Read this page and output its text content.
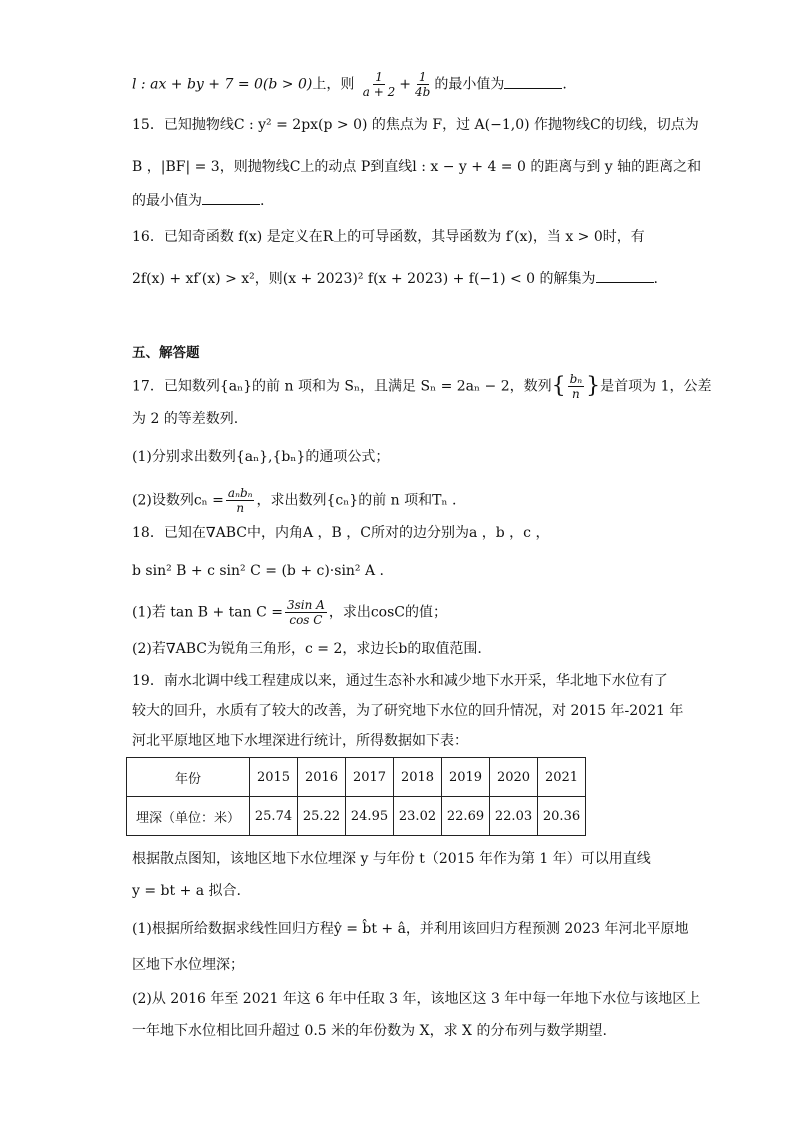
l : ax + by + 7 = 0(b > 0)上，则 $\frac{1}{a + 2} + \frac{1}{4b}$ 的最小值为	.
15．已知抛物线C : y² = 2px(p > 0) 的焦点为 F，过 A(−1,0) 作抛物线C的切线，切点为
B ，|BF| = 3，则抛物线C上的动点 P到直线l : x − y + 4 = 0 的距离与到 y 轴的距离之和
的最小值为	.
16．已知奇函数 f(x) 是定义在R上的可导函数，其导函数为 f′(x)，当 x > 0时，有
2f(x) + xf′(x) > x²，则(x + 2023)² f(x + 2023) + f(−1) < 0 的解集为	.
五、解答题
17．已知数列{aₙ}的前 n 项和为 Sₙ，且满足 Sₙ = 2aₙ − 2，数列{ $\frac{\text{bₙ}}{n}$ }是首项为 1，公差
为 2 的等差数列.
(1)分别求出数列{aₙ},{bₙ}的通项公式；
(2)设数列$c_n = \frac{\text{aₙbₙ}}{n}$ ，求出数列{cₙ}的前 n 项和Tₙ .
18．已知在∇ABC中，内角A ，B ，C所对的边分别为a ，b ，c ，
b sin² B + c sin² C = (b + c)·sin² A .
(1)若 $\tan B + \tan C = \frac{\text{3sin A}}{\text{cos C}}$ ，求出cosC的值；
(2)若∇ABC为锐角三角形，c = 2，求边长b的取值范围.
19．南水北调中线工程建成以来，通过生态补水和减少地下水开采，华北地下水位有了
较大的回升，水质有了较大的改善，为了研究地下水位的回升情况，对 2015 年-2021 年
河北平原地区地下水埋深进行统计，所得数据如下表：
年份	2015	2016	2017	2018	2019	2020	2021
埋深（单位：米）	25.74	25.22	24.95	23.02	22.69	22.03	20.36
根据散点图知，该地区地下水位埋深 y 与年份 t（2015 年作为第 1 年）可以用直线
y = bt + a 拟合.
(1)根据所给数据求线性回归方程ŷ = b̂t + â，并利用该回归方程预测 2023 年河北平原地
区地下水位埋深；
(2)从 2016 年至 2021 年这 6 年中任取 3 年，该地区这 3 年中每一年地下水位与该地区上
一年地下水位相比回升超过 0.5 米的年份数为 X，求 X 的分布列与数学期望.
